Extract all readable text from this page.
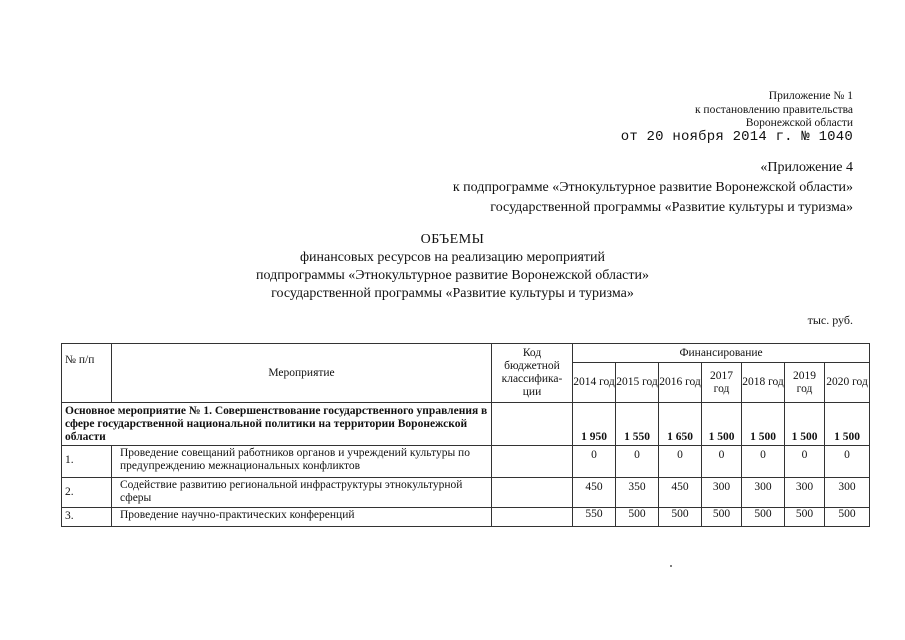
Приложение № 1
к постановлению правительства
Воронежской области
от 20 ноября 2014 г. № 1040
«Приложение 4
к подпрограмме «Этнокультурное развитие Воронежской области»
государственной программы «Развитие культуры и туризма»
ОБЪЕМЫ
финансовых ресурсов на реализацию мероприятий
подпрограммы «Этнокультурное развитие Воронежской области»
государственной программы «Развитие культуры и туризма»
тыс. руб.
№ п/п	Мероприятие	Код бюджетной классифика-ции	Финансирование						
			2014 год	2015 год	2016 год	2017 год	2018 год	2019 год	2020 год
Основное мероприятие № 1. Совершенствование государственного управления в сфере государственной национальной политики на территории Воронежской области			1 950	1 550	1 650	1 500	1 500	1 500	1 500
1.	Проведение совещаний работников органов и учреждений культуры по предупреждению межнациональных конфликтов		0	0	0	0	0	0	0
2.	Содействие развитию региональной инфраструктуры этнокультурной сферы		450	350	450	300	300	300	300
3.	Проведение научно-практических конференций		550	500	500	500	500	500	500
